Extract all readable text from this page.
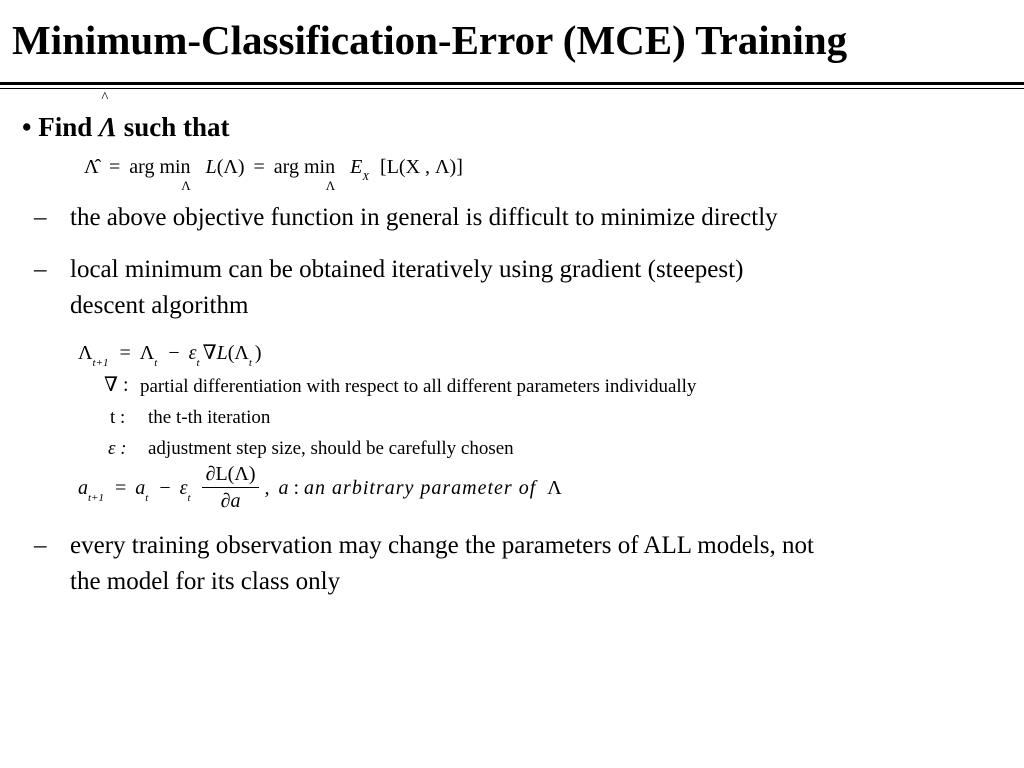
Minimum-Classification-Error (MCE) Training
• Find
^
Λ such that
Λ̂ = arg min
Λ
L(Λ) = arg min
Λ
$E_X$ [L(X , Λ)]
– the above objective function in general is difficult to minimize directly
– local minimum can be obtained iteratively using gradient (steepest)
descent algorithm
$\Lambda_{t+1} = \Lambda_t - \varepsilon_t$ $\nabla L(\Lambda_t$ )
∇ : partial differentiation with respect to all different parameters individually
t : the t-th iteration
ε : adjustment step size, should be carefully chosen
$a_{t+1} = a_t - \varepsilon_t \frac{\partial L(\Lambda)}{\partial a}$ , a : an arbitrary parameter of Λ
– every training observation may change the parameters of ALL models, not
the model for its class only
